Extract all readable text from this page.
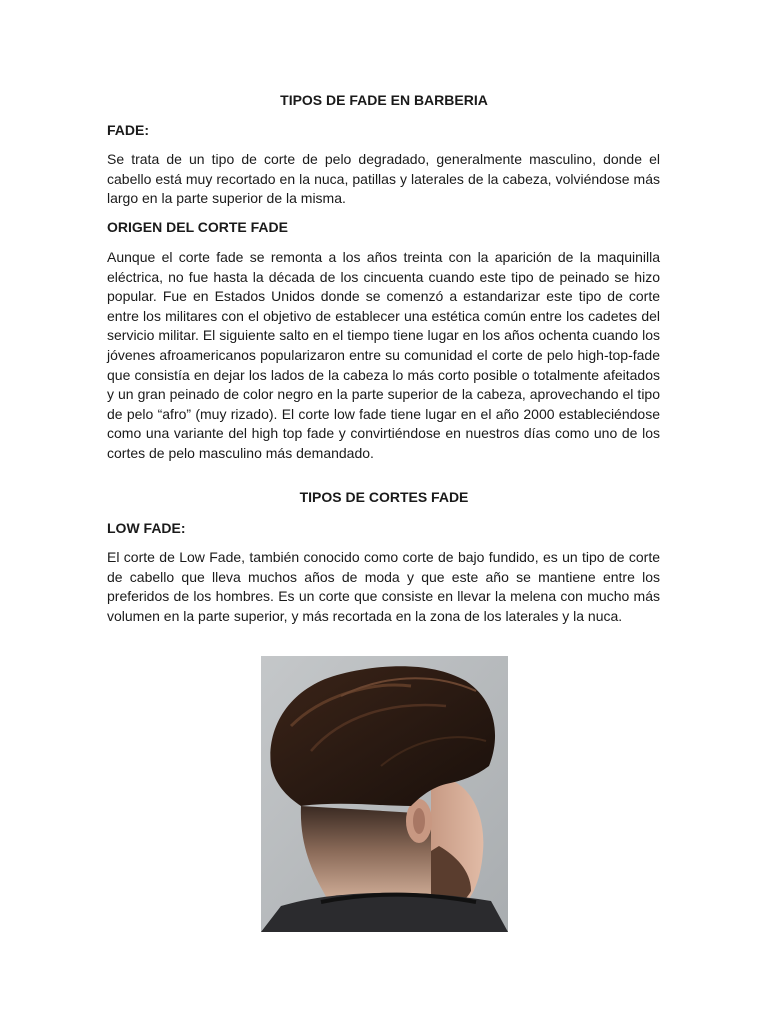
TIPOS DE FADE EN BARBERIA
FADE:

Se trata de un tipo de corte de pelo degradado, generalmente masculino, donde el cabello está muy recortado en la nuca, patillas y laterales de la cabeza, volviéndose más largo en la parte superior de la misma.

ORIGEN DEL CORTE FADE

Aunque el corte fade se remonta a los años treinta con la aparición de la maquinilla eléctrica, no fue hasta la década de los cincuenta cuando este tipo de peinado se hizo popular. Fue en Estados Unidos donde se comenzó a estandarizar este tipo de corte entre los militares con el objetivo de establecer una estética común entre los cadetes del servicio militar. El siguiente salto en el tiempo tiene lugar en los años ochenta cuando los jóvenes afroamericanos popularizaron entre su comunidad el corte de pelo high-top-fade que consistía en dejar los lados de la cabeza lo más corto posible o totalmente afeitados y un gran peinado de color negro en la parte superior de la cabeza, aprovechando el tipo de pelo “afro” (muy rizado). El corte low fade tiene lugar en el año 2000 estableciéndose como una variante del high top fade y convirtiéndose en nuestros días como uno de los cortes de pelo masculino más demandado.

TIPOS DE CORTES FADE
LOW FADE:

El corte de Low Fade, también conocido como corte de bajo fundido, es un tipo de corte de cabello que lleva muchos años de moda y que este año se mantiene entre los preferidos de los hombres. Es un corte que consiste en llevar la melena con mucho más volumen en la parte superior, y más recortada en la zona de los laterales y la nuca.
